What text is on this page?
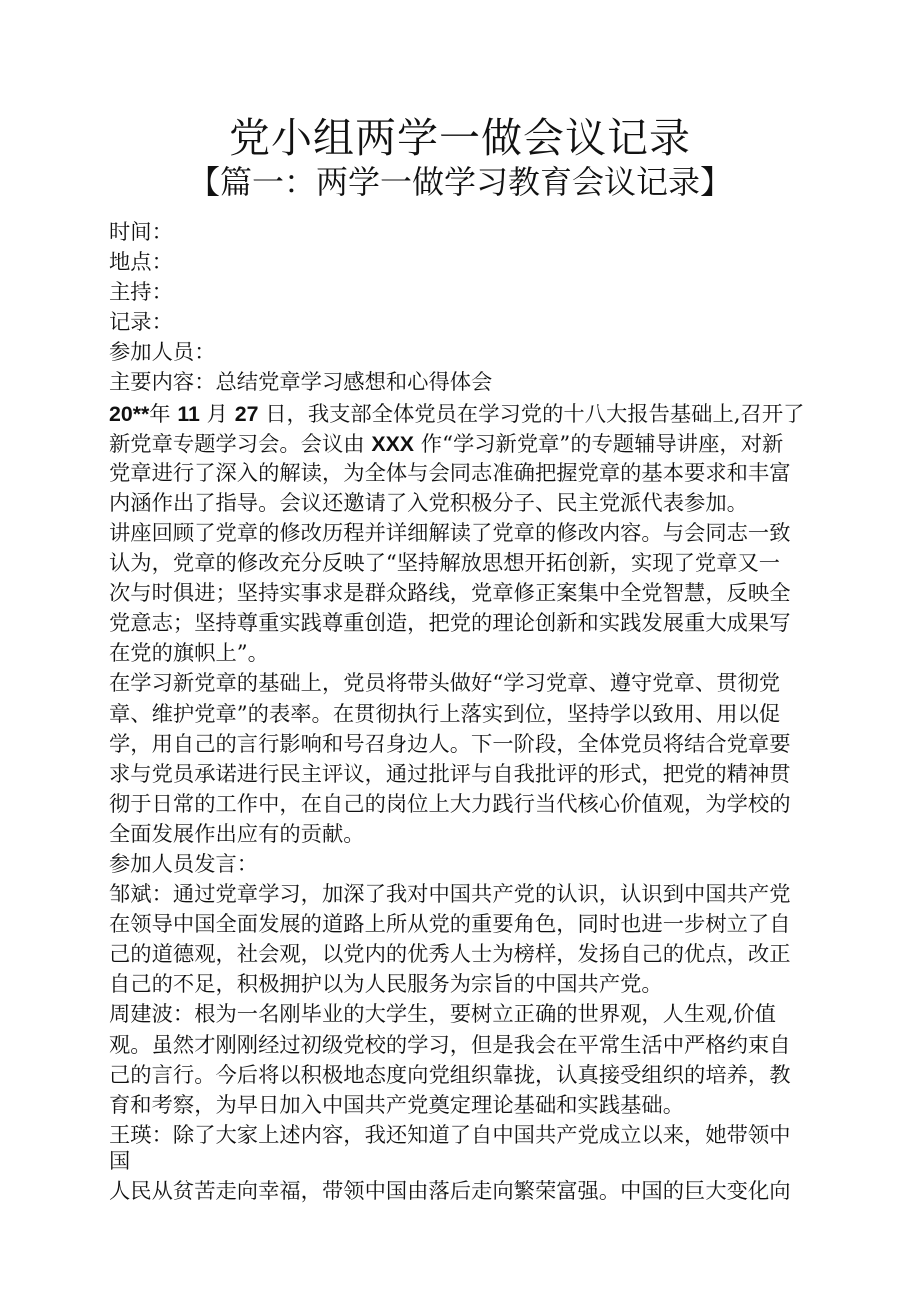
党小组两学一做会议记录
【篇一：两学一做学习教育会议记录】
时间：
地点：
主持：
记录：
参加人员：
主要内容：总结党章学习感想和心得体会
20**年 11 月 27 日，我支部全体党员在学习党的十八大报告基础上,召开了
新党章专题学习会。会议由 XXX 作“学习新党章”的专题辅导讲座，对新
党章进行了深入的解读，为全体与会同志准确把握党章的基本要求和丰富
内涵作出了指导。会议还邀请了入党积极分子、民主党派代表参加。
讲座回顾了党章的修改历程并详细解读了党章的修改内容。与会同志一致
认为，党章的修改充分反映了“坚持解放思想开拓创新，实现了党章又一
次与时俱进；坚持实事求是群众路线，党章修正案集中全党智慧，反映全
党意志；坚持尊重实践尊重创造，把党的理论创新和实践发展重大成果写
在党的旗帜上”。
在学习新党章的基础上，党员将带头做好“学习党章、遵守党章、贯彻党
章、维护党章”的表率。在贯彻执行上落实到位，坚持学以致用、用以促
学，用自己的言行影响和号召身边人。下一阶段，全体党员将结合党章要
求与党员承诺进行民主评议，通过批评与自我批评的形式，把党的精神贯
彻于日常的工作中，在自己的岗位上大力践行当代核心价值观，为学校的
全面发展作出应有的贡献。
参加人员发言：
邹斌：通过党章学习，加深了我对中国共产党的认识，认识到中国共产党
在领导中国全面发展的道路上所从党的重要角色，同时也进一步树立了自
己的道德观，社会观，以党内的优秀人士为榜样，发扬自己的优点，改正
自己的不足，积极拥护以为人民服务为宗旨的中国共产党。
周建波：根为一名刚毕业的大学生，要树立正确的世界观，人生观,价值
观。虽然才刚刚经过初级党校的学习，但是我会在平常生活中严格约束自
己的言行。今后将以积极地态度向党组织靠拢，认真接受组织的培养，教
育和考察，为早日加入中国共产党奠定理论基础和实践基础。
王瑛：除了大家上述内容，我还知道了自中国共产党成立以来，她带领中
国
人民从贫苦走向幸福，带领中国由落后走向繁荣富强。中国的巨大变化向
